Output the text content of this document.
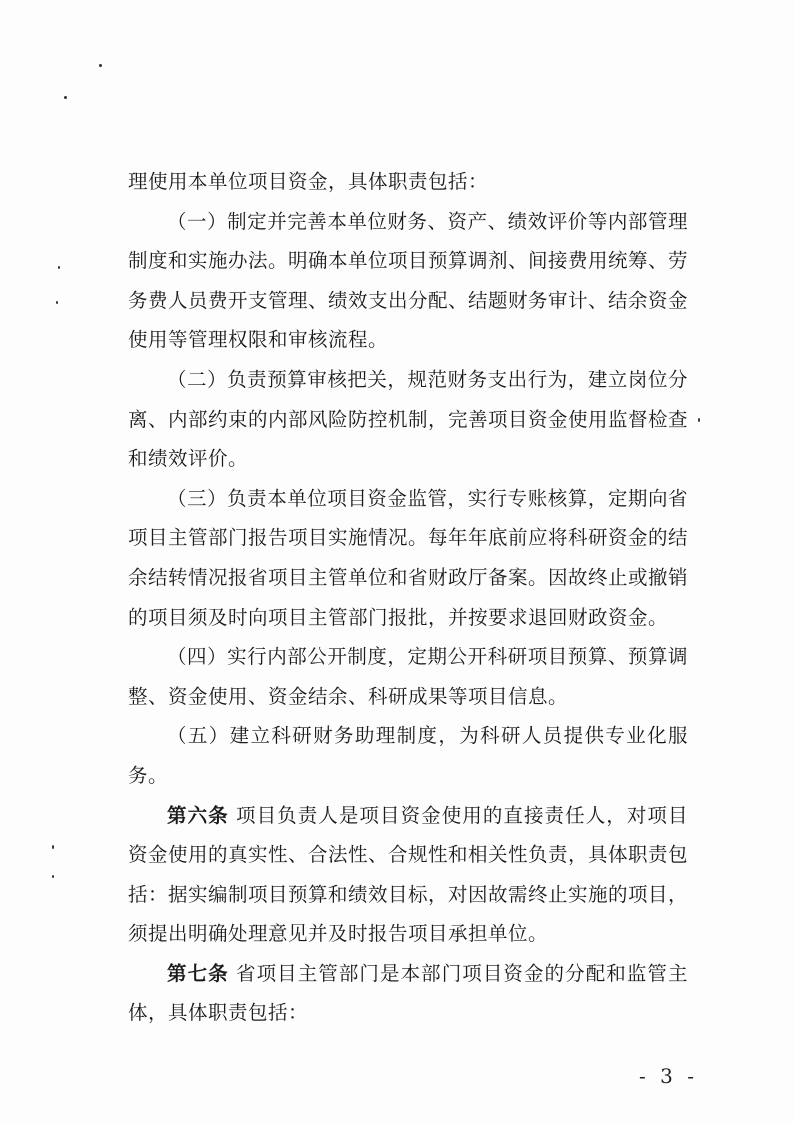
理使用本单位项目资金，具体职责包括：

（一）制定并完善本单位财务、资产、绩效评价等内部管理制度和实施办法。明确本单位项目预算调剂、间接费用统筹、劳务费人员费开支管理、绩效支出分配、结题财务审计、结余资金使用等管理权限和审核流程。

（二）负责预算审核把关，规范财务支出行为，建立岗位分离、内部约束的内部风险防控机制，完善项目资金使用监督检查和绩效评价。

（三）负责本单位项目资金监管，实行专账核算，定期向省项目主管部门报告项目实施情况。每年年底前应将科研资金的结余结转情况报省项目主管单位和省财政厅备案。因故终止或撤销的项目须及时向项目主管部门报批，并按要求退回财政资金。

（四）实行内部公开制度，定期公开科研项目预算、预算调整、资金使用、资金结余、科研成果等项目信息。

（五）建立科研财务助理制度，为科研人员提供专业化服务。

第六条 项目负责人是项目资金使用的直接责任人，对项目资金使用的真实性、合法性、合规性和相关性负责，具体职责包括：据实编制项目预算和绩效目标，对因故需终止实施的项目，须提出明确处理意见并及时报告项目承担单位。

第七条 省项目主管部门是本部门项目资金的分配和监管主体，具体职责包括：

- 3 -
